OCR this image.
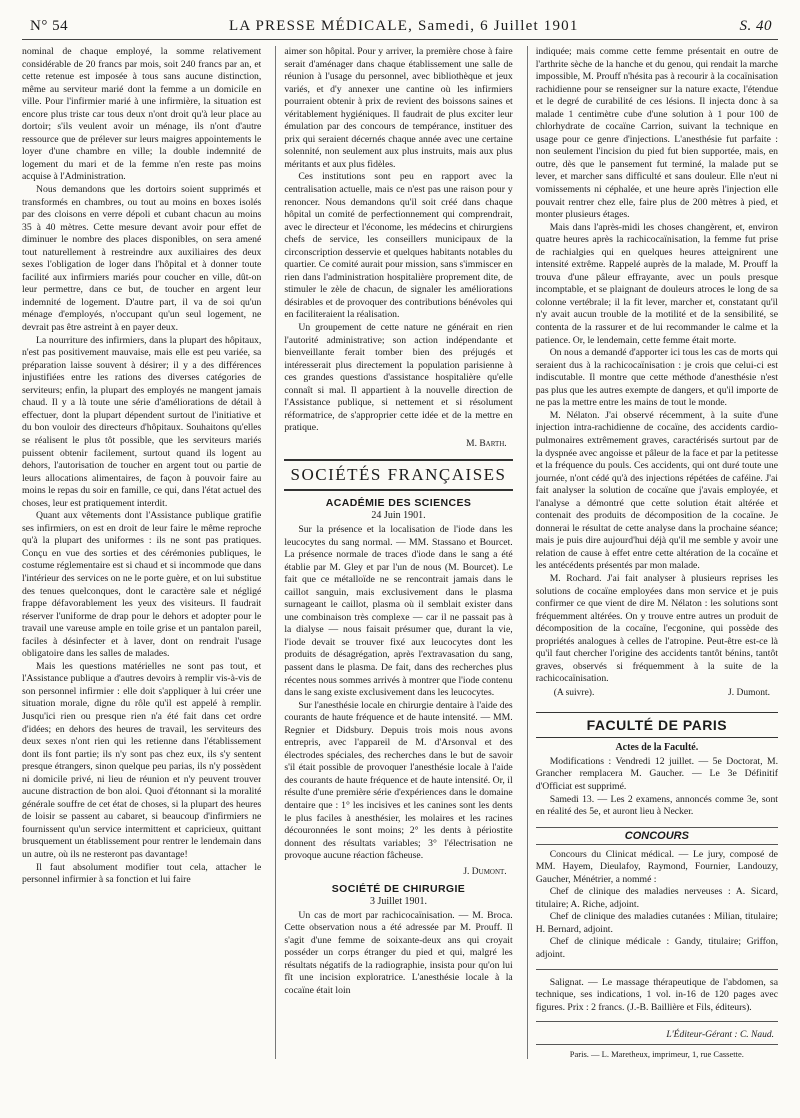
N° 54	LA PRESSE MÉDICALE, Samedi, 6 Juillet 1901	S. 40

nominal de chaque employé, la somme relativement considérable de 20 francs par mois, soit 240 francs par an, et cette retenue est imposée à tous sans aucune distinction, même au serviteur marié dont la femme a un domicile en ville. Pour l'infirmier marié à une infirmière, la situation est encore plus triste car tous deux n'ont droit qu'à leur place au dortoir; s'ils veulent avoir un ménage, ils n'ont d'autre ressource que de prélever sur leurs maigres appointements le loyer d'une chambre en ville; la double indemnité de logement du mari et de la femme n'en reste pas moins acquise à l'Administration.

Nous demandons que les dortoirs soient supprimés et transformés en chambres, ou tout au moins en boxes isolés par des cloisons en verre dépoli et cubant chacun au moins 35 à 40 mètres. Cette mesure devant avoir pour effet de diminuer le nombre des places disponibles, on sera amené tout naturellement à restreindre aux auxiliaires des deux sexes l'obligation de loger dans l'hôpital et à donner toute facilité aux infirmiers mariés pour coucher en ville, dût-on leur permettre, dans ce but, de toucher en argent leur indemnité de logement. D'autre part, il va de soi qu'un ménage d'employés, n'occupant qu'un seul logement, ne devrait pas être astreint à en payer deux.

La nourriture des infirmiers, dans la plupart des hôpitaux, n'est pas positivement mauvaise, mais elle est peu variée, sa préparation laisse souvent à désirer; il y a des différences injustifiées entre les rations des diverses catégories de serviteurs; enfin, la plupart des employés ne mangent jamais chaud. Il y a là toute une série d'améliorations de détail à effectuer, dont la plupart dépendent surtout de l'initiative et du bon vouloir des directeurs d'hôpitaux. Souhaitons qu'elles se réalisent le plus tôt possible, que les serviteurs mariés puissent obtenir facilement, surtout quand ils logent au dehors, l'autorisation de toucher en argent tout ou partie de leurs allocations alimentaires, de façon à pouvoir faire au moins le repas du soir en famille, ce qui, dans l'état actuel des choses, leur est pratiquement interdit.

Quant aux vêtements dont l'Assistance publique gratifie ses infirmiers, on est en droit de leur faire le même reproche qu'à la plupart des uniformes : ils ne sont pas pratiques. Conçu en vue des sorties et des cérémonies publiques, le costume réglementaire est si chaud et si incommode que dans l'intérieur des services on ne le porte guère, et on lui substitue des tenues quelconques, dont le caractère sale et négligé frappe défavorablement les yeux des visiteurs. Il faudrait réserver l'uniforme de drap pour le dehors et adopter pour le travail une vareuse ample en toile grise et un pantalon pareil, faciles à désinfecter et à laver, dont on rendrait l'usage obligatoire dans les salles de malades.

Mais les questions matérielles ne sont pas tout, et l'Assistance publique a d'autres devoirs à remplir vis-à-vis de son personnel infirmier : elle doit s'appliquer à lui créer une situation morale, digne du rôle qu'il est appelé à remplir. Jusqu'ici rien ou presque rien n'a été fait dans cet ordre d'idées; en dehors des heures de travail, les serviteurs des deux sexes n'ont rien qui les retienne dans l'établissement dont ils font partie; ils n'y sont pas chez eux, ils s'y sentent presque étrangers, sinon quelque peu parias, ils n'y possèdent ni domicile privé, ni lieu de réunion et n'y peuvent trouver aucune distraction de bon aloi. Quoi d'étonnant si la moralité générale souffre de cet état de choses, si la plupart des heures de loisir se passent au cabaret, si beaucoup d'infirmiers ne fournissent qu'un service intermittent et capricieux, quittant brusquement un établissement pour rentrer le lendemain dans un autre, où ils ne resteront pas davantage!

Il faut absolument modifier tout cela, attacher le personnel infirmier à sa fonction et lui faire

aimer son hôpital. Pour y arriver, la première chose à faire serait d'aménager dans chaque établissement une salle de réunion à l'usage du personnel, avec bibliothèque et jeux variés, et d'y annexer une cantine où les infirmiers pourraient obtenir à prix de revient des boissons saines et véritablement hygiéniques. Il faudrait de plus exciter leur émulation par des concours de tempérance, instituer des prix qui seraient décernés chaque année avec une certaine solennité, non seulement aux plus instruits, mais aux plus méritants et aux plus fidèles.

Ces institutions sont peu en rapport avec la centralisation actuelle, mais ce n'est pas une raison pour y renoncer. Nous demandons qu'il soit créé dans chaque hôpital un comité de perfectionnement qui comprendrait, avec le directeur et l'économe, les médecins et chirurgiens chefs de service, les conseillers municipaux de la circonscription desservie et quelques habitants notables du quartier. Ce comité aurait pour mission, sans s'immiscer en rien dans l'administration hospitalière proprement dite, de stimuler le zèle de chacun, de signaler les améliorations désirables et de provoquer des contributions bénévoles qui en faciliteraient la réalisation.

Un groupement de cette nature ne générait en rien l'autorité administrative; son action indépendante et bienveillante ferait tomber bien des préjugés et intéresserait plus directement la population parisienne à ces grandes questions d'assistance hospitalière qu'elle connaît si mal. Il appartient à la nouvelle direction de l'Assistance publique, si nettement et si résolument réformatrice, de s'approprier cette idée et de la mettre en pratique.

M. Barth.
SOCIÉTÉS FRANÇAISES
ACADÉMIE DES SCIENCES
24 Juin 1901.

Sur la présence et la localisation de l'iode dans les leucocytes du sang normal. — MM. Stassano et Bourcet. La présence normale de traces d'iode dans le sang a été établie par M. Gley et par l'un de nous (M. Bourcet). Le fait que ce métalloïde ne se rencontrait jamais dans le caillot sanguin, mais exclusivement dans le plasma surnageant le caillot, plasma où il semblait exister dans une combinaison très complexe — car il ne passait pas à la dialyse — nous faisait présumer que, durant la vie, l'iode devait se trouver fixé aux leucocytes dont les produits de désagrégation, après l'extravasation du sang, passent dans le plasma. De fait, dans des recherches plus récentes nous sommes arrivés à montrer que l'iode contenu dans le sang existe exclusivement dans les leucocytes.

Sur l'anesthésie locale en chirurgie dentaire à l'aide des courants de haute fréquence et de haute intensité. — MM. Regnier et Didsbury. Depuis trois mois nous avons entrepris, avec l'appareil de M. d'Arsonval et des électrodes spéciales, des recherches dans le but de savoir s'il était possible de provoquer l'anesthésie locale à l'aide des courants de haute fréquence et de haute intensité. Or, il résulte d'une première série d'expériences dans le domaine dentaire que : 1° les incisives et les canines sont les dents le plus faciles à anesthésier, les molaires et les racines découronnées le sont moins; 2° les dents à périostite donnent des résultats variables; 3° l'électrisation ne provoque aucune réaction fâcheuse.

J. Dumont.
SOCIÉTÉ DE CHIRURGIE
3 Juillet 1901.

Un cas de mort par rachicocaïnisation. — M. Broca. Cette observation nous a été adressée par M. Prouff. Il s'agit d'une femme de soixante-deux ans qui croyait posséder un corps étranger du pied et qui, malgré les résultats négatifs de la radiographie, insista pour qu'on lui fît une incision exploratrice. L'anesthésie locale à la cocaïne était loin

indiquée; mais comme cette femme présentait en outre de l'arthrite sèche de la hanche et du genou, qui rendait la marche impossible, M. Prouff n'hésita pas à recourir à la cocaïnisation rachidienne pour se renseigner sur la nature exacte, l'étendue et le degré de curabilité de ces lésions. Il injecta donc à sa malade 1 centimètre cube d'une solution à 1 pour 100 de chlorhydrate de cocaïne Carrion, suivant la technique en usage pour ce genre d'injections. L'anesthésie fut parfaite : non seulement l'incision du pied fut bien supportée, mais, en outre, dès que le pansement fut terminé, la malade put se lever, et marcher sans difficulté et sans douleur. Elle n'eut ni vomissements ni céphalée, et une heure après l'injection elle pouvait rentrer chez elle, faire plus de 200 mètres à pied, et monter plusieurs étages.

Mais dans l'après-midi les choses changèrent, et, environ quatre heures après la rachicocaïnisation, la femme fut prise de rachialgies qui en quelques heures atteignirent une intensité extrême. Rappelé auprès de la malade, M. Prouff la trouva d'une pâleur effrayante, avec un pouls presque incomptable, et se plaignant de douleurs atroces le long de sa colonne vertébrale; il la fit lever, marcher et, constatant qu'il n'y avait aucun trouble de la motilité et de la sensibilité, se contenta de la rassurer et de lui recommander le calme et la patience. Or, le lendemain, cette femme était morte.

On nous a demandé d'apporter ici tous les cas de morts qui seraient dus à la rachicocaïnisation : je crois que celui-ci est indiscutable. Il montre que cette méthode d'anesthésie n'est pas plus que les autres exempte de dangers, et qu'il importe de ne pas la mettre entre les mains de tout le monde.

M. Nélaton. J'ai observé récemment, à la suite d'une injection intra-rachidienne de cocaïne, des accidents cardio-pulmonaires extrêmement graves, caractérisés surtout par de la dyspnée avec angoisse et pâleur de la face et par la petitesse et la fréquence du pouls. Ces accidents, qui ont duré toute une journée, n'ont cédé qu'à des injections répétées de caféine. J'ai fait analyser la solution de cocaïne que j'avais employée, et l'analyse a démontré que cette solution était altérée et contenait des produits de décomposition de la cocaïne. Je donnerai le résultat de cette analyse dans la prochaine séance; mais je puis dire aujourd'hui déjà qu'il me semble y avoir une relation de cause à effet entre cette altération de la cocaïne et les antécédents présentés par mon malade.

M. Rochard. J'ai fait analyser à plusieurs reprises les solutions de cocaïne employées dans mon service et je puis confirmer ce que vient de dire M. Nélaton : les solutions sont fréquemment altérées. On y trouve entre autres un produit de décomposition de la cocaïne, l'ecgonine, qui possède des propriétés analogues à celles de l'atropine. Peut-être est-ce là qu'il faut chercher l'origine des accidents tantôt bénins, tantôt graves, observés si fréquemment à la suite de la rachicocaïnisation.

(A suivre).	J. Dumont.
FACULTÉ DE PARIS
Actes de la Faculté.

Modifications : Vendredi 12 juillet. — 5e Doctorat, M. Grancher remplacera M. Gaucher. — Le 3e Définitif d'Officiat est supprimé.

Samedi 13. — Les 2 examens, annoncés comme 3e, sont en réalité des 5e, et auront lieu à Necker.

CONCOURS

Concours du Clinicat médical. — Le jury, composé de MM. Hayem, Dieulafoy, Raymond, Fournier, Landouzy, Gaucher, Ménétrier, a nommé :

Chef de clinique des maladies nerveuses : A. Sicard, titulaire; A. Riche, adjoint.

Chef de clinique des maladies cutanées : Milian, titulaire; H. Bernard, adjoint.

Chef de clinique médicale : Gandy, titulaire; Griffon, adjoint.

Salignat. — Le massage thérapeutique de l'abdomen, sa technique, ses indications, 1 vol. in-16 de 120 pages avec figures. Prix : 2 francs. (J.-B. Baillière et Fils, éditeurs).

L'Éditeur-Gérant : C. Naud.
Paris. — L. Maretheux, imprimeur, 1, rue Cassette.
